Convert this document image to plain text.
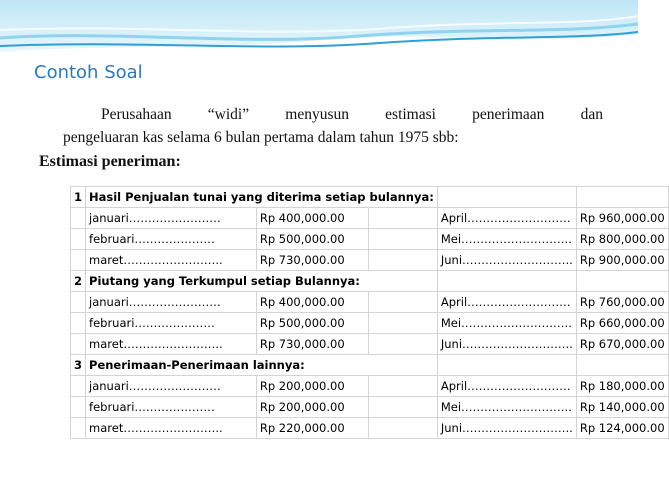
Contoh Soal
Perusahaan “widi” menyusun estimasi penerimaan dan
pengeluaran kas selama 6 bulan pertama dalam tahun 1975 sbb:
Estimasi peneriman:
1	Hasil Penjualan tunai yang diterima setiap bulannya:				
	januari……………………	Rp 400,000.00		April………………………	Rp 960,000.00
	februari…………………	Rp 500,000.00		Mei………………………..	Rp 800,000.00
	maret……………………..	Rp 730,000.00		Juni………………………..	Rp 900,000.00
2	Piutang yang Terkumpul setiap Bulannya:				
	januari……………………	Rp 400,000.00		April………………………	Rp 760,000.00
	februari…………………	Rp 500,000.00		Mei………………………..	Rp 660,000.00
	maret……………………..	Rp 730,000.00		Juni………………………..	Rp 670,000.00
3	Penerimaan-Penerimaan lainnya:				
	januari……………………	Rp 200,000.00		April………………………	Rp 180,000.00
	februari…………………	Rp 200,000.00		Mei………………………..	Rp 140,000.00
	maret……………………..	Rp 220,000.00		Juni………………………..	Rp 124,000.00
